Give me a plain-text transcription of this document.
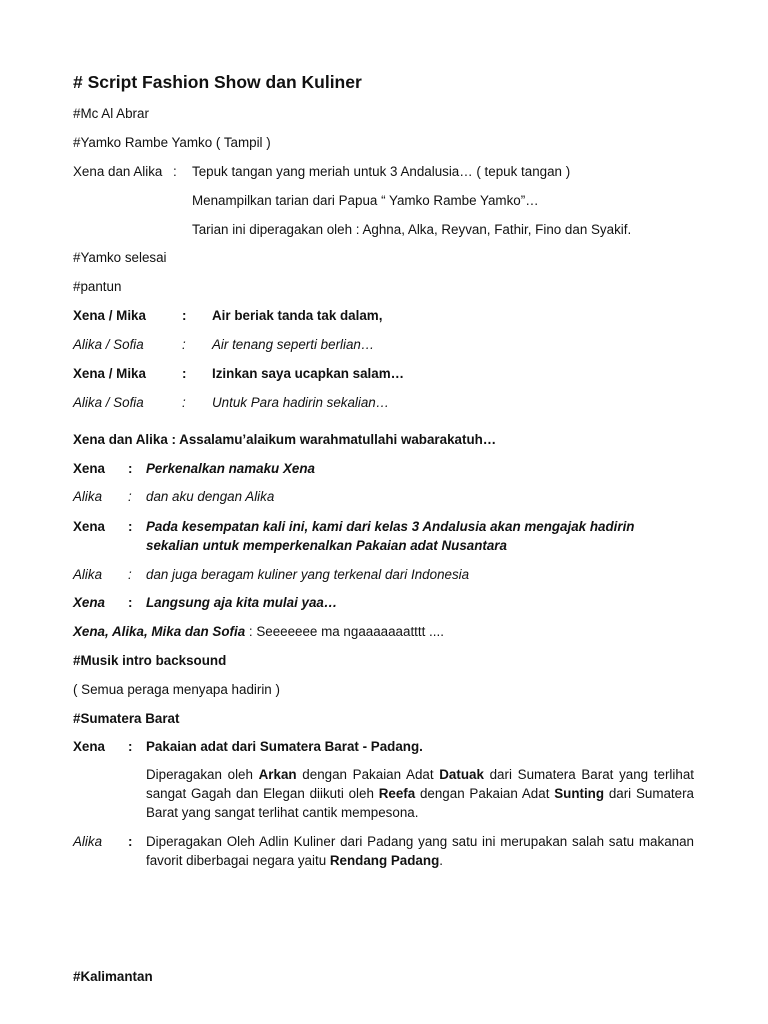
# Script Fashion Show dan Kuliner
#Mc Al Abrar
#Yamko Rambe Yamko ( Tampil )
Xena dan Alika : Tepuk tangan yang meriah untuk 3 Andalusia… ( tepuk tangan )
Menampilkan tarian dari Papua “ Yamko Rambe Yamko”…
Tarian ini diperagakan oleh : Aghna, Alka, Reyvan, Fathir, Fino dan Syakif.
#Yamko selesai
#pantun
Xena / Mika	: Air beriak tanda tak dalam,
Alika / Sofia	: Air tenang seperti berlian…
Xena / Mika	: Izinkan saya ucapkan salam…
Alika / Sofia	: Untuk Para hadirin sekalian…
Xena dan Alika : Assalamu’alaikum warahmatullahi wabarakatuh…
Xena : Perkenalkan namaku Xena
Alika : dan aku dengan Alika
Xena : Pada kesempatan kali ini, kami dari kelas 3 Andalusia akan mengajak hadirin
sekalian untuk memperkenalkan Pakaian adat Nusantara
Alika : dan juga beragam kuliner yang terkenal dari Indonesia
Xena : Langsung aja kita mulai yaa…
Xena, Alika, Mika dan Sofia : Seeeeeee ma ngaaaaaaatttt ....
#Musik intro backsound
( Semua peraga menyapa hadirin )
#Sumatera Barat
Xena : Pakaian adat dari Sumatera Barat - Padang.
Diperagakan oleh Arkan dengan Pakaian Adat Datuak dari Sumatera Barat yang terlihat sangat Gagah dan Elegan diikuti oleh Reefa dengan Pakaian Adat Sunting dari Sumatera Barat yang sangat terlihat cantik mempesona.
Alika : Diperagakan Oleh Adlin Kuliner dari Padang yang satu ini merupakan salah satu makanan favorit diberbagai negara yaitu Rendang Padang.
#Kalimantan
